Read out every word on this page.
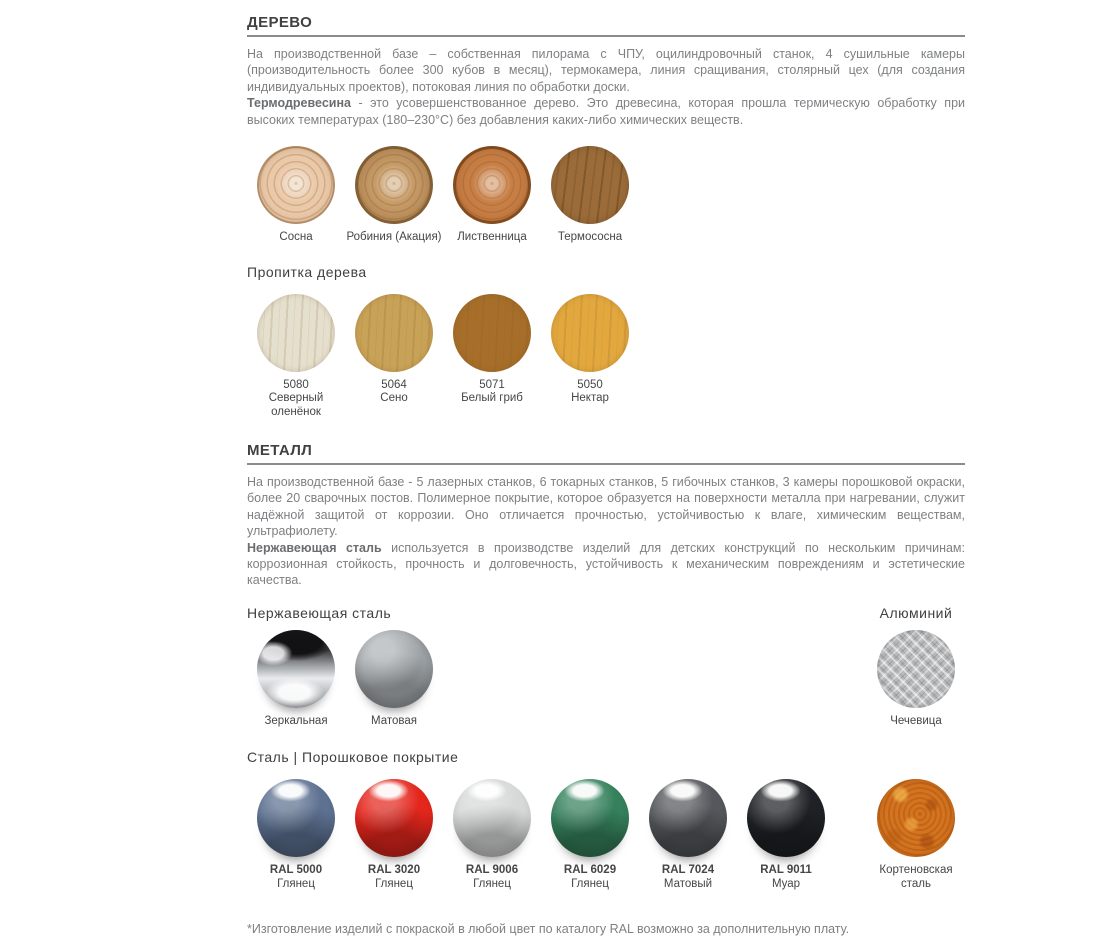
ДЕРЕВО

На производственной базе – собственная пилорама с ЧПУ, оцилиндровочный станок, 4 сушильные камеры (производительность более 300 кубов в месяц), термокамера, линия сращивания, столярный цех (для создания индивидуальных проектов), потоковая линия по обработки доски.

Термодревесина - это усовершенствованное дерево. Это древесина, которая прошла термическую обработку при высоких температурах (180–230°С) без добавления каких-либо химических веществ.

Сосна	Робиния (Акация)	Лиственница	Термососна
Пропитка дерева
5080
Северный оленёнок
5064
Сено
5071
Белый гриб
5050
Нектар
МЕТАЛЛ

На производственной базе - 5 лазерных станков, 6 токарных станков, 5 гибочных станков, 3 камеры порошковой окраски, более 20 сварочных постов. Полимерное покрытие, которое образуется на поверхности металла при нагревании, служит надёжной защитой от коррозии. Оно отличается прочностью, устойчивостью к влаге, химическим веществам, ультрафиолету.

Нержавеющая сталь используется в производстве изделий для детских конструкций по нескольким причинам: коррозионная стойкость, прочность и долговечность, устойчивость к механическим повреждениям и эстетические качества.

Нержавеющая сталь
Зеркальная	Матовая
Алюминий
Чечевица
Сталь | Порошковое покрытие
RAL 5000
Глянец
RAL 3020
Глянец
RAL 9006
Глянец
RAL 6029
Глянец
RAL 7024
Матовый
RAL 9011
Муар
Кортеновская сталь

*Изготовление изделий с покраской в любой цвет по каталогу RAL возможно за дополнительную плату.
